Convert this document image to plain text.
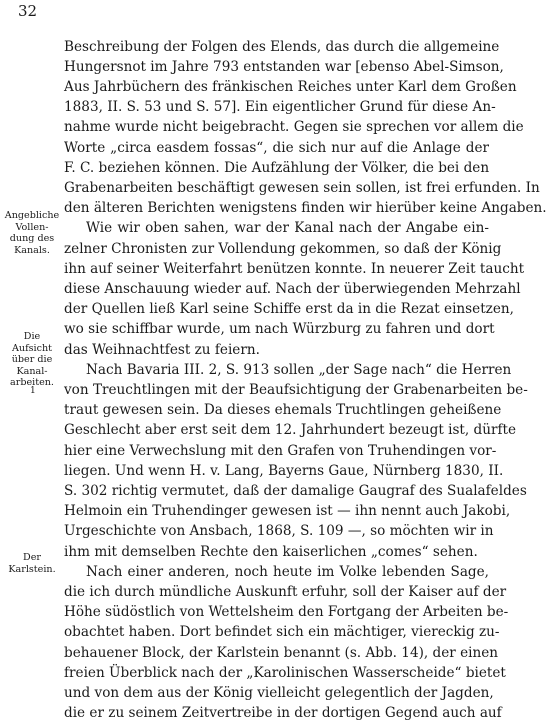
32
Angebliche
Vollen-
dung des
Kanals.
Die
Aufsicht
über die
Kanal-
arbeiten.
1
Der
Karlstein.
Beschreibung der Folgen des Elends, das durch die allgemeine
Hungersnot im Jahre 793 entstanden war [ebenso Abel-Simson,
Aus Jahrbüchern des fränkischen Reiches unter Karl dem Großen
1883, II. S. 53 und S. 57]. Ein eigentlicher Grund für diese An-
nahme wurde nicht beigebracht. Gegen sie sprechen vor allem die
Worte „circa easdem fossas“, die sich nur auf die Anlage der
F. C. beziehen können. Die Aufzählung der Völker, die bei den
Grabenarbeiten beschäftigt gewesen sein sollen, ist frei erfunden. In
den älteren Berichten wenigstens finden wir hierüber keine Angaben.
Wie wir oben sahen, war der Kanal nach der Angabe ein-
zelner Chronisten zur Vollendung gekommen, so daß der König
ihn auf seiner Weiterfahrt benützen konnte. In neuerer Zeit taucht
diese Anschauung wieder auf. Nach der überwiegenden Mehrzahl
der Quellen ließ Karl seine Schiffe erst da in die Rezat einsetzen,
wo sie schiffbar wurde, um nach Würzburg zu fahren und dort
das Weihnachtfest zu feiern.
Nach Bavaria III. 2, S. 913 sollen „der Sage nach“ die Herren
von Treuchtlingen mit der Beaufsichtigung der Grabenarbeiten be-
traut gewesen sein. Da dieses ehemals Truchtlingen geheißene
Geschlecht aber erst seit dem 12. Jahrhundert bezeugt ist, dürfte
hier eine Verwechslung mit den Grafen von Truhendingen vor-
liegen. Und wenn H. v. Lang, Bayerns Gaue, Nürnberg 1830, II.
S. 302 richtig vermutet, daß der damalige Gaugraf des Sualafeldes
Helmoin ein Truhendinger gewesen ist — ihn nennt auch Jakobi,
Urgeschichte von Ansbach, 1868, S. 109 —, so möchten wir in
ihm mit demselben Rechte den kaiserlichen „comes“ sehen.
Nach einer anderen, noch heute im Volke lebenden Sage,
die ich durch mündliche Auskunft erfuhr, soll der Kaiser auf der
Höhe südöstlich von Wettelsheim den Fortgang der Arbeiten be-
obachtet haben. Dort befindet sich ein mächtiger, viereckig zu-
behauener Block, der Karlstein benannt (s. Abb. 14), der einen
freien Überblick nach der „Karolinischen Wasserscheide“ bietet
und von dem aus der König vielleicht gelegentlich der Jagden,
die er zu seinem Zeitvertreibe in der dortigen Gegend auch auf
